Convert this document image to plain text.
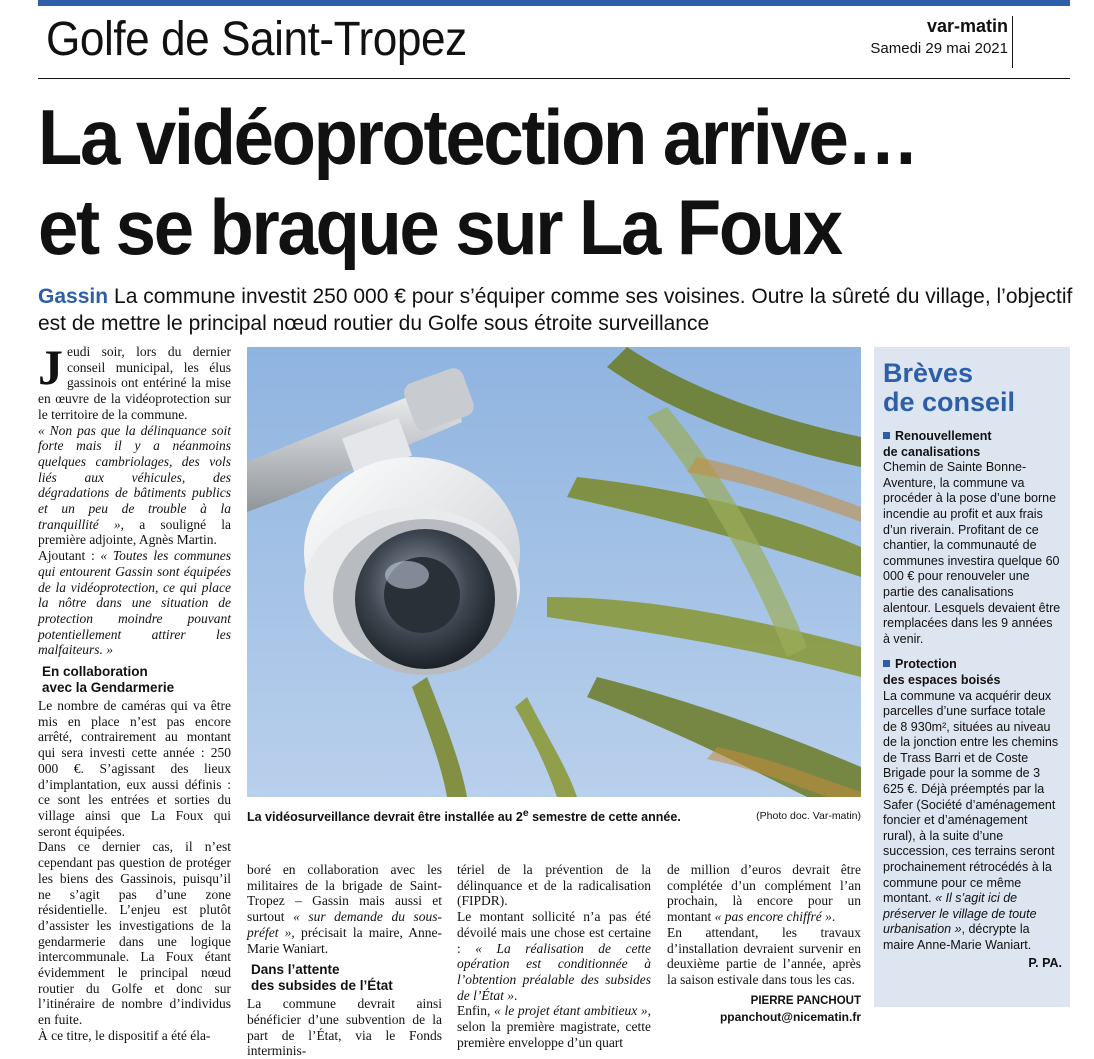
Golfe de Saint-Tropez	var-matin
Samedi 29 mai 2021
La vidéoprotection arrive…
et se braque sur La Foux
Gassin La commune investit 250 000 € pour s’équiper comme ses voisines. Outre la sûreté du village, l’objectif est de mettre le principal nœud routier du Golfe sous étroite surveillance

Jeudi soir, lors du dernier conseil municipal, les élus gassinois ont entériné la mise en œuvre de la vidéoprotection sur le territoire de la commune.

« Non pas que la délinquance soit forte mais il y a néanmoins quelques cambriolages, des vols liés aux véhicules, des dégradations de bâtiments publics et un peu de trouble à la tranquillité », a souligné la première adjointe, Agnès Martin.

Ajoutant : « Toutes les communes qui entourent Gassin sont équipées de la vidéoprotection, ce qui place la nôtre dans une situation de protection moindre pouvant potentiellement attirer les malfaiteurs. »

En collaboration
avec la Gendarmerie

Le nombre de caméras qui va être mis en place n’est pas encore arrêté, contrairement au montant qui sera investi cette année : 250 000 €. S’agissant des lieux d’implantation, eux aussi définis : ce sont les entrées et sorties du village ainsi que La Foux qui seront équipées.

Dans ce dernier cas, il n’est cependant pas question de protéger les biens des Gassinois, puisqu’il ne s’agit pas d’une zone résidentielle. L’enjeu est plutôt d’assister les investigations de la gendarmerie dans une logique intercommunale. La Foux étant évidemment le principal nœud routier du Golfe et donc sur l’itinéraire de nombre d’individus en fuite.

À ce titre, le dispositif a été éla-

La vidéosurveillance devrait être installée au 2e semestre de cette année.	(Photo doc. Var-matin)

boré en collaboration avec les militaires de la brigade de Saint-Tropez – Gassin mais aussi et surtout « sur demande du sous-préfet », précisait la maire, Anne-Marie Waniart.

Dans l’attente
des subsides de l’État

La commune devrait ainsi bénéficier d’une subvention de la part de l’État, via le Fonds interminis-

tériel de la prévention de la délinquance et de la radicalisation (FIPDR).

Le montant sollicité n’a pas été dévoilé mais une chose est certaine : « La réalisation de cette opération est conditionnée à l’obtention préalable des subsides de l’État ».

Enfin, « le projet étant ambitieux », selon la première magistrate, cette première enveloppe d’un quart

de million d’euros devrait être complétée d’un complément l’an prochain, là encore pour un montant « pas encore chiffré ».

En attendant, les travaux d’installation devraient survenir en deuxième partie de l’année, après la saison estivale dans tous les cas.

PIERRE PANCHOUT
ppanchout@nicematin.fr
Brèves
de conseil
Renouvellement
de canalisations
Chemin de Sainte Bonne-Aventure, la commune va procéder à la pose d’une borne incendie au profit et aux frais d’un riverain. Profitant de ce chantier, la communauté de communes investira quelque 60 000 € pour renouveler une partie des canalisations alentour. Lesquels devaient être remplacées dans les 9 années à venir.
Protection
des espaces boisés
La commune va acquérir deux parcelles d’une surface totale de 8 930m², situées au niveau de la jonction entre les chemins de Trass Barri et de Coste Brigade pour la somme de 3 625 €. Déjà préemptés par la Safer (Société d’aménagement foncier et d’aménagement rural), à la suite d’une succession, ces terrains seront prochainement rétrocédés à la commune pour ce même montant. « Il s’agit ici de préserver le village de toute urbanisation », décrypte la maire Anne-Marie Waniart.
P. PA.
